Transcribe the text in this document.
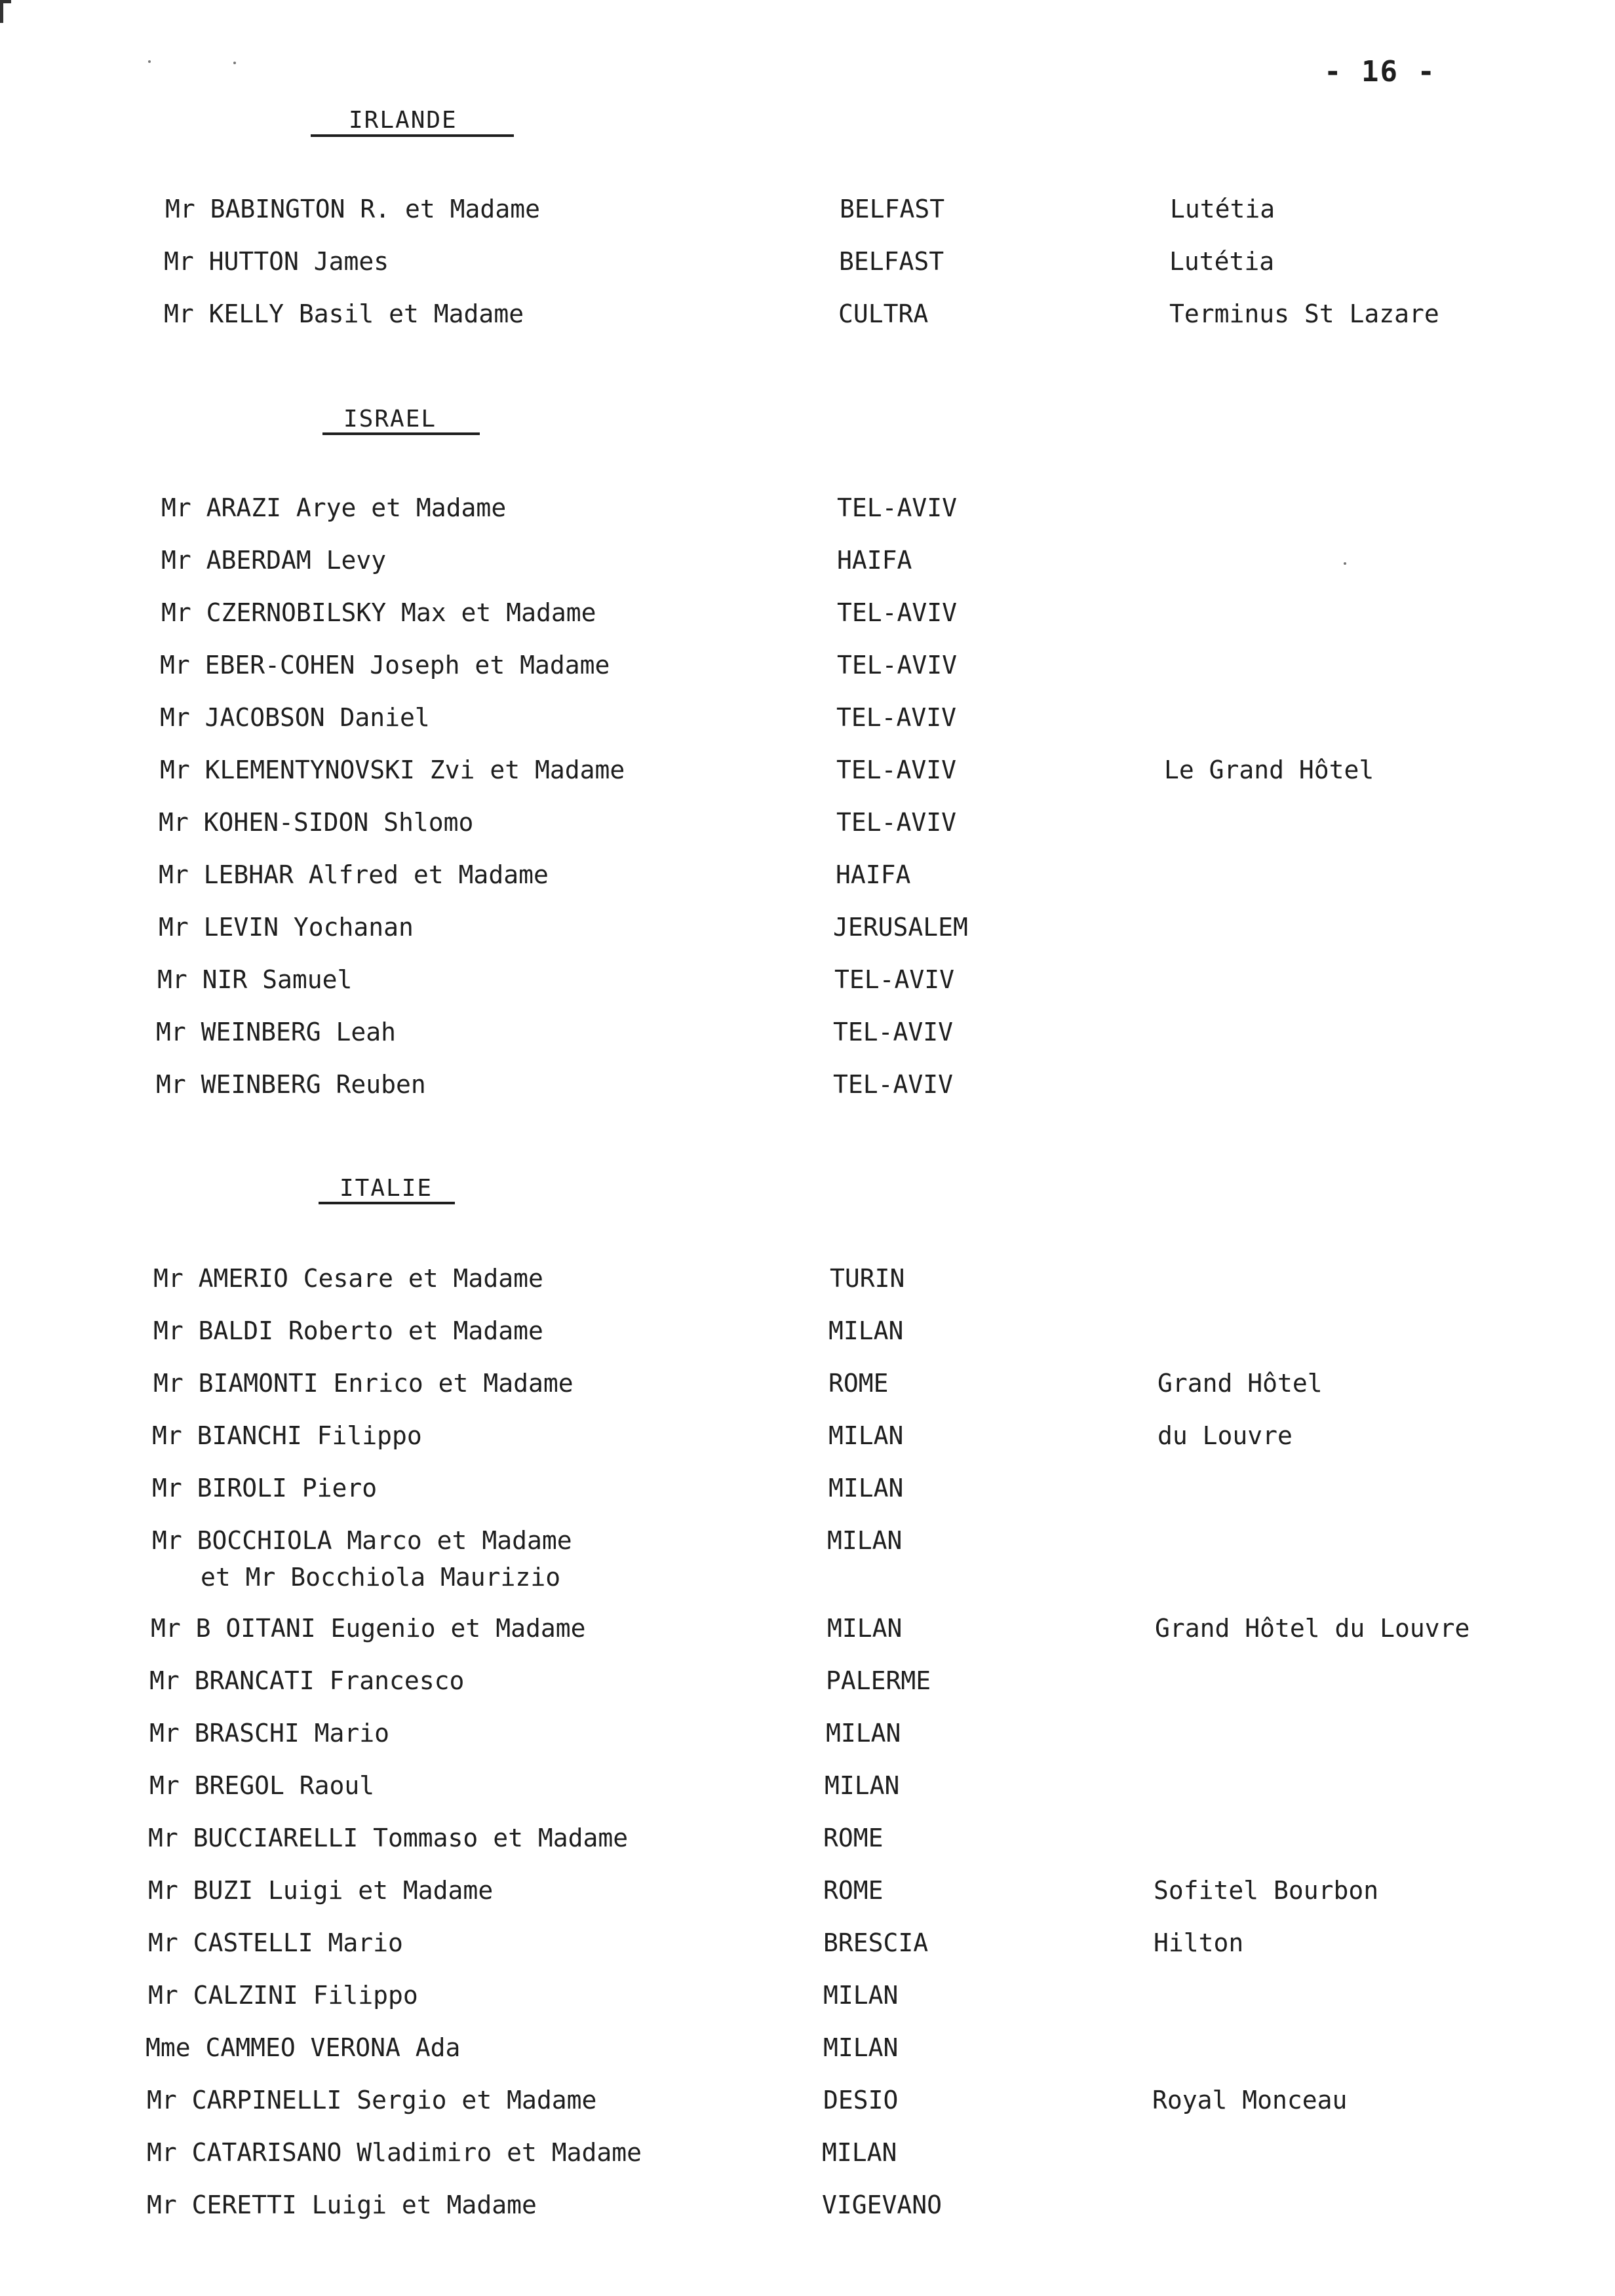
- 16 -
IRLANDE
Mr BABINGTON R. et Madame	BELFAST	Lutétia
Mr HUTTON James	BELFAST	Lutétia
Mr KELLY Basil et Madame	CULTRA	Terminus St Lazare
ISRAEL
Mr ARAZI Arye et Madame	TEL-AVIV
Mr ABERDAM Levy	HAIFA
Mr CZERNOBILSKY Max et Madame	TEL-AVIV
Mr EBER-COHEN Joseph et Madame	TEL-AVIV
Mr JACOBSON Daniel	TEL-AVIV
Mr KLEMENTYNOVSKI Zvi et Madame	TEL-AVIV	Le Grand Hôtel
Mr KOHEN-SIDON Shlomo	TEL-AVIV
Mr LEBHAR Alfred et Madame	HAIFA
Mr LEVIN Yochanan	JERUSALEM
Mr NIR Samuel	TEL-AVIV
Mr WEINBERG Leah	TEL-AVIV
Mr WEINBERG Reuben	TEL-AVIV
ITALIE
Mr AMERIO Cesare et Madame	TURIN
Mr BALDI Roberto et Madame	MILAN
Mr BIAMONTI Enrico et Madame	ROME	Grand Hôtel
Mr BIANCHI Filippo	MILAN	du Louvre
Mr BIROLI Piero	MILAN
Mr BOCCHIOLA Marco et Madame	MILAN
et Mr Bocchiola Maurizio
Mr B OITANI Eugenio et Madame	MILAN	Grand Hôtel du Louvre
Mr BRANCATI Francesco	PALERME
Mr BRASCHI Mario	MILAN
Mr BREGOL Raoul	MILAN
Mr BUCCIARELLI Tommaso et Madame	ROME
Mr BUZI Luigi et Madame	ROME	Sofitel Bourbon
Mr CASTELLI Mario	BRESCIA	Hilton
Mr CALZINI Filippo	MILAN
Mme CAMMEO VERONA Ada	MILAN
Mr CARPINELLI Sergio et Madame	DESIO	Royal Monceau
Mr CATARISANO Wladimiro et Madame	MILAN
Mr CERETTI Luigi et Madame	VIGEVANO
